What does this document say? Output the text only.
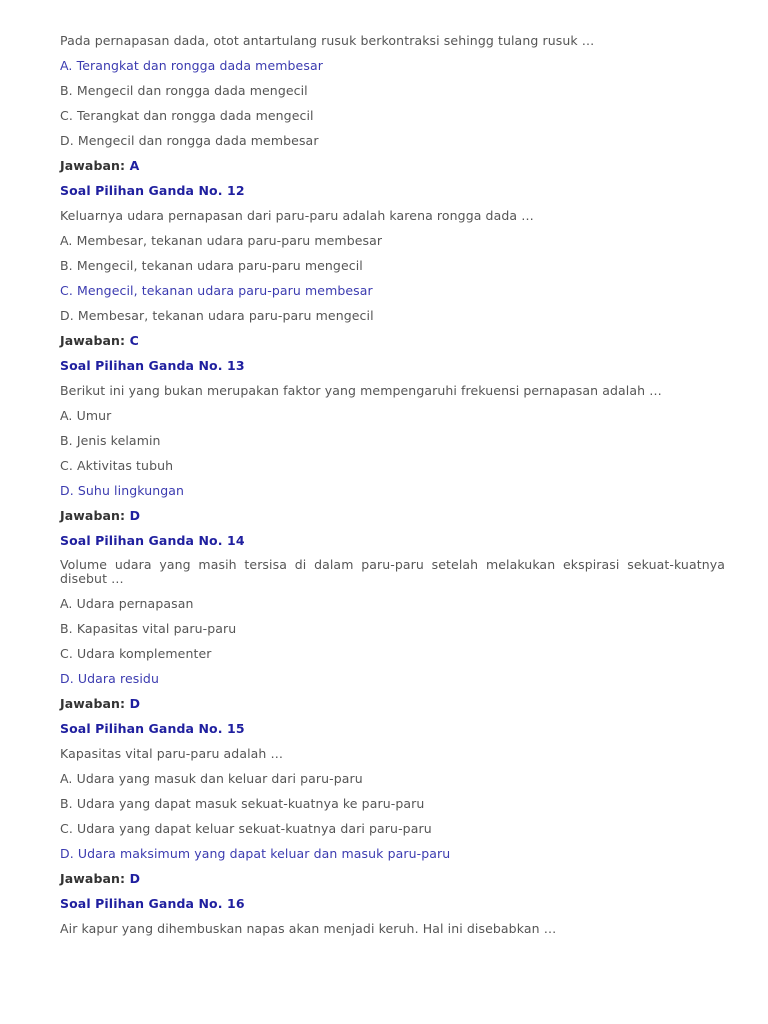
Pada pernapasan dada, otot antartulang rusuk berkontraksi sehingg tulang rusuk …
A. Terangkat dan rongga dada membesar
B. Mengecil dan rongga dada mengecil
C. Terangkat dan rongga dada mengecil
D. Mengecil dan rongga dada membesar
Jawaban: A
Soal Pilihan Ganda No. 12
Keluarnya udara pernapasan dari paru-paru adalah karena rongga dada …
A. Membesar, tekanan udara paru-paru membesar
B. Mengecil, tekanan udara paru-paru mengecil
C. Mengecil, tekanan udara paru-paru membesar
D. Membesar, tekanan udara paru-paru mengecil
Jawaban: C
Soal Pilihan Ganda No. 13
Berikut ini yang bukan merupakan faktor yang mempengaruhi frekuensi pernapasan adalah …
A. Umur
B. Jenis kelamin
C. Aktivitas tubuh
D. Suhu lingkungan
Jawaban: D
Soal Pilihan Ganda No. 14
Volume udara yang masih tersisa di dalam paru-paru setelah melakukan ekspirasi sekuat-kuatnya disebut …
A. Udara pernapasan
B. Kapasitas vital paru-paru
C. Udara komplementer
D. Udara residu
Jawaban: D
Soal Pilihan Ganda No. 15
Kapasitas vital paru-paru adalah …
A. Udara yang masuk dan keluar dari paru-paru
B. Udara yang dapat masuk sekuat-kuatnya ke paru-paru
C. Udara yang dapat keluar sekuat-kuatnya dari paru-paru
D. Udara maksimum yang dapat keluar dan masuk paru-paru
Jawaban: D
Soal Pilihan Ganda No. 16
Air kapur yang dihembuskan napas akan menjadi keruh. Hal ini disebabkan …
